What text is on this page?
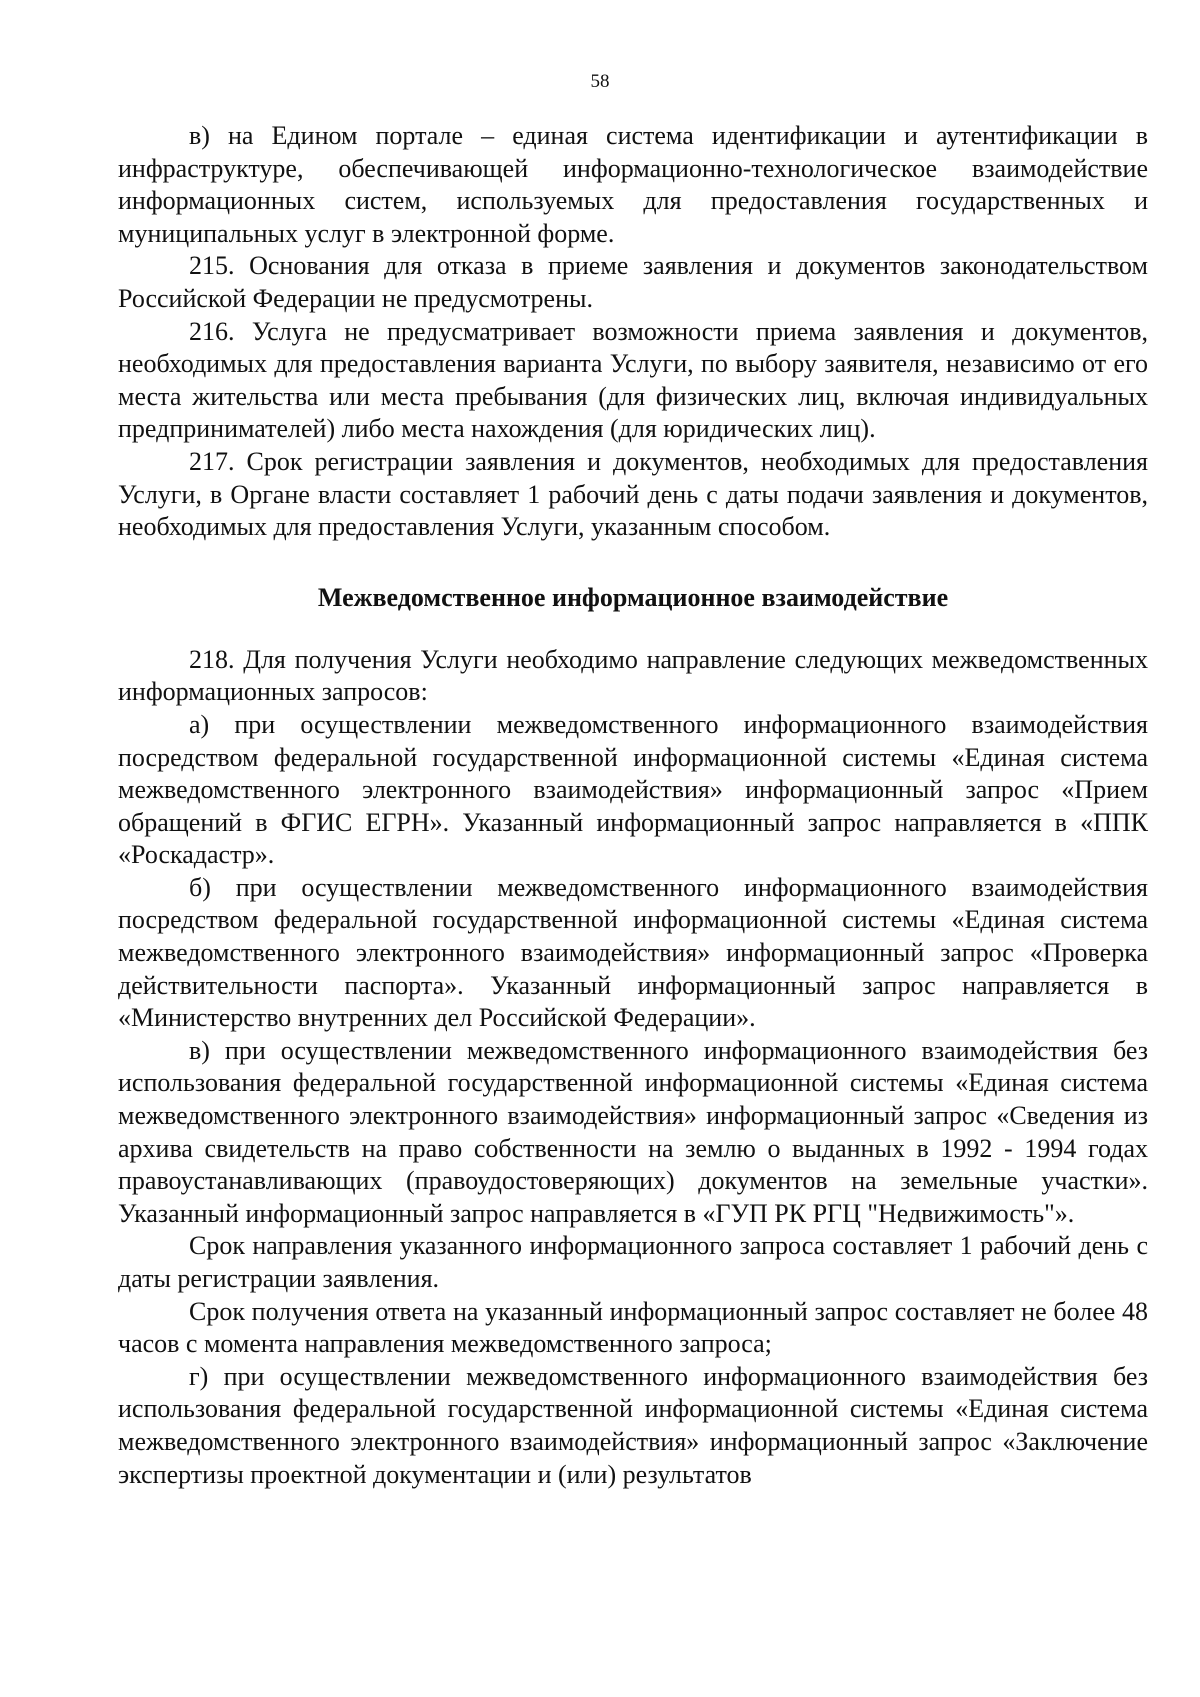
58

в) на Едином портале – единая система идентификации и аутентификации в инфраструктуре, обеспечивающей информационно-технологическое взаимодействие информационных систем, используемых для предоставления государственных и муниципальных услуг в электронной форме.

215. Основания для отказа в приеме заявления и документов законодательством Российской Федерации не предусмотрены.

216. Услуга не предусматривает возможности приема заявления и документов, необходимых для предоставления варианта Услуги, по выбору заявителя, независимо от его места жительства или места пребывания (для физических лиц, включая индивидуальных предпринимателей) либо места нахождения (для юридических лиц).

217. Срок регистрации заявления и документов, необходимых для предоставления Услуги, в Органе власти составляет 1 рабочий день с даты подачи заявления и документов, необходимых для предоставления Услуги, указанным способом.

Межведомственное информационное взаимодействие

218. Для получения Услуги необходимо направление следующих межведомственных информационных запросов:

а) при осуществлении межведомственного информационного взаимодействия посредством федеральной государственной информационной системы «Единая система межведомственного электронного взаимодействия» информационный запрос «Прием обращений в ФГИС ЕГРН». Указанный информационный запрос направляется в «ППК «Роскадастр».

б) при осуществлении межведомственного информационного взаимодействия посредством федеральной государственной информационной системы «Единая система межведомственного электронного взаимодействия» информационный запрос «Проверка действительности паспорта». Указанный информационный запрос направляется в «Министерство внутренних дел Российской Федерации».

в) при осуществлении межведомственного информационного взаимодействия без использования федеральной государственной информационной системы «Единая система межведомственного электронного взаимодействия» информационный запрос «Сведения из архива свидетельств на право собственности на землю о выданных в 1992 - 1994 годах правоустанавливающих (правоудостоверяющих) документов на земельные участки». Указанный информационный запрос направляется в «ГУП РК РГЦ "Недвижимость"».

Срок направления указанного информационного запроса составляет 1 рабочий день с даты регистрации заявления.

Срок получения ответа на указанный информационный запрос составляет не более 48 часов с момента направления межведомственного запроса;

г) при осуществлении межведомственного информационного взаимодействия без использования федеральной государственной информационной системы «Единая система межведомственного электронного взаимодействия» информационный запрос «Заключение экспертизы проектной документации и (или) результатов
